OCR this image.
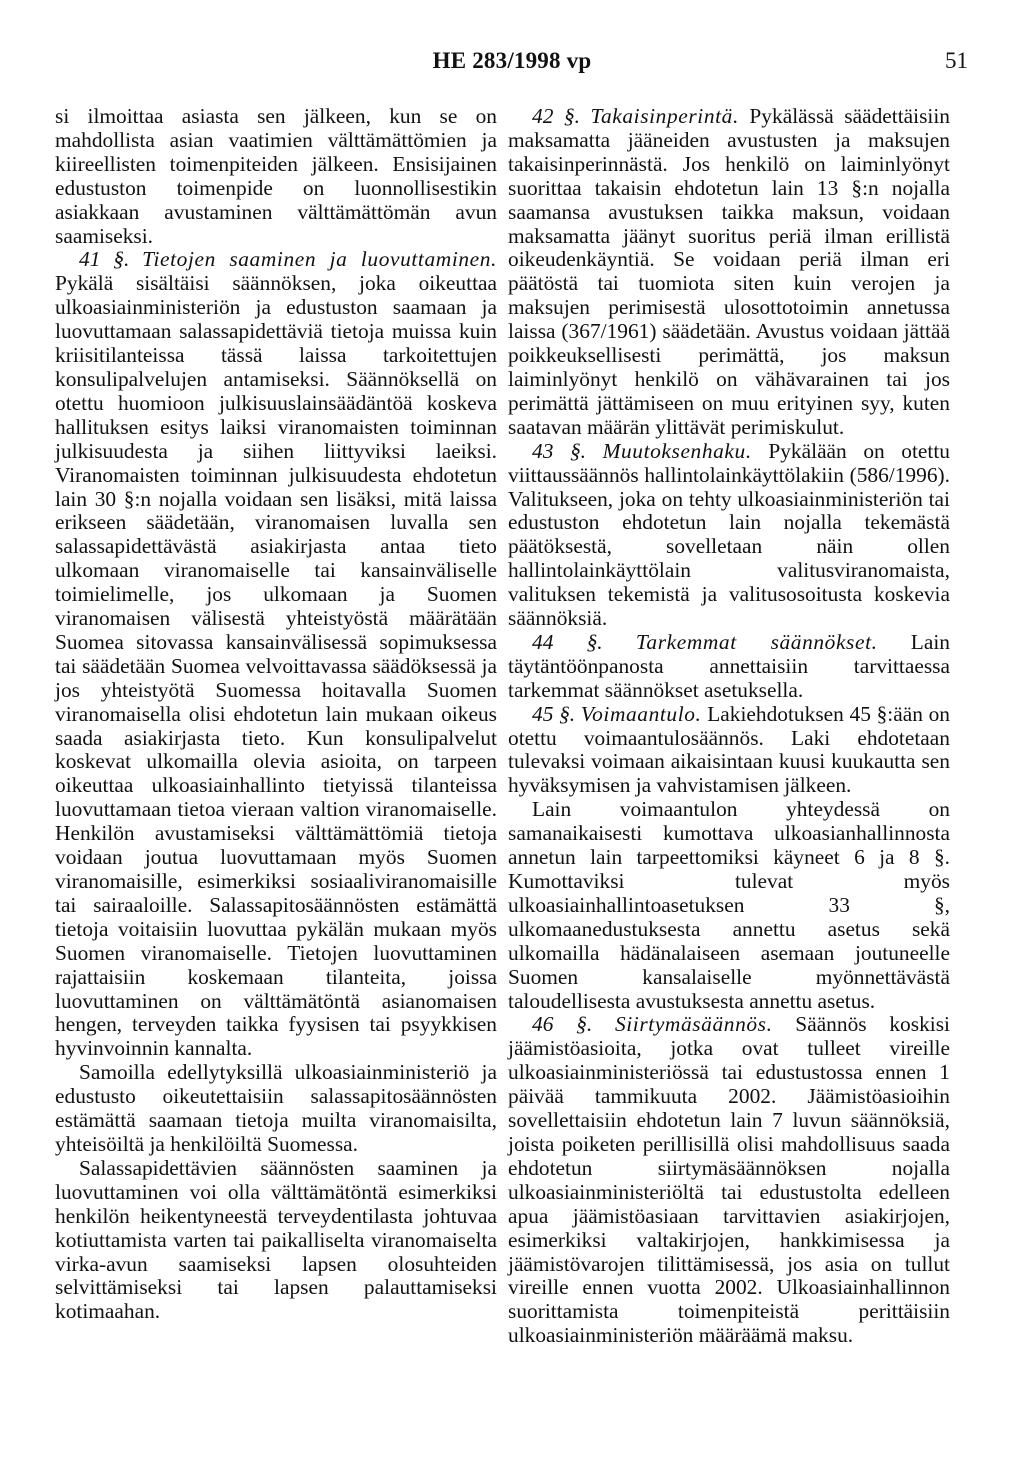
HE 283/1998 vp	51

si ilmoittaa asiasta sen jälkeen, kun se on mahdollista asian vaatimien välttämättömien ja kiireellisten toimenpiteiden jälkeen. Ensisijainen edustuston toimenpide on luonnollisestikin asiakkaan avustaminen välttämättömän avun saamiseksi.

41 §. Tietojen saaminen ja luovuttaminen. Pykälä sisältäisi säännöksen, joka oikeuttaa ulkoasiainministeriön ja edustuston saamaan ja luovuttamaan salassapidettäviä tietoja muissa kuin kriisitilanteissa tässä laissa tarkoitettujen konsulipalvelujen antamiseksi. Säännöksellä on otettu huomioon julkisuuslainsäädäntöä koskeva hallituksen esitys laiksi viranomaisten toiminnan julkisuudesta ja siihen liittyviksi laeiksi. Viranomaisten toiminnan julkisuudesta ehdotetun lain 30 §:n nojalla voidaan sen lisäksi, mitä laissa erikseen säädetään, viranomaisen luvalla sen salassapidettävästä asiakirjasta antaa tieto ulkomaan viranomaiselle tai kansainväliselle toimielimelle, jos ulkomaan ja Suomen viranomaisen välisestä yhteistyöstä määrätään Suomea sitovassa kansainvälisessä sopimuksessa tai säädetään Suomea velvoittavassa säädöksessä ja jos yhteistyötä Suomessa hoitavalla Suomen viranomaisella olisi ehdotetun lain mukaan oikeus saada asiakirjasta tieto. Kun konsulipalvelut koskevat ulkomailla olevia asioita, on tarpeen oikeuttaa ulkoasiainhallinto tietyissä tilanteissa luovuttamaan tietoa vieraan valtion viranomaiselle. Henkilön avustamiseksi välttämättömiä tietoja voidaan joutua luovuttamaan myös Suomen viranomaisille, esimerkiksi sosiaaliviranomaisille tai sairaaloille. Salassapitosäännösten estämättä tietoja voitaisiin luovuttaa pykälän mukaan myös Suomen viranomaiselle. Tietojen luovuttaminen rajattaisiin koskemaan tilanteita, joissa luovuttaminen on välttämätöntä asianomaisen hengen, terveyden taikka fyysisen tai psyykkisen hyvinvoinnin kannalta.

Samoilla edellytyksillä ulkoasiainministeriö ja edustusto oikeutettaisiin salassapitosäännösten estämättä saamaan tietoja muilta viranomaisilta, yhteisöiltä ja henkilöiltä Suomessa.

Salassapidettävien säännösten saaminen ja luovuttaminen voi olla välttämätöntä esimerkiksi henkilön heikentyneestä terveydentilasta johtuvaa kotiuttamista varten tai paikalliselta viranomaiselta virka-avun saamiseksi lapsen olosuhteiden selvittämiseksi tai lapsen palauttamiseksi kotimaahan.

42 §. Takaisinperintä. Pykälässä säädettäisiin maksamatta jääneiden avustusten ja maksujen takaisinperinnästä. Jos henkilö on laiminlyönyt suorittaa takaisin ehdotetun lain 13 §:n nojalla saamansa avustuksen taikka maksun, voidaan maksamatta jäänyt suoritus periä ilman erillistä oikeudenkäyntiä. Se voidaan periä ilman eri päätöstä tai tuomiota siten kuin verojen ja maksujen perimisestä ulosottotoimin annetussa laissa (367/1961) säädetään. Avustus voidaan jättää poikkeuksellisesti perimättä, jos maksun laiminlyönyt henkilö on vähävarainen tai jos perimättä jättämiseen on muu erityinen syy, kuten saatavan määrän ylittävät perimiskulut.

43 §. Muutoksenhaku. Pykälään on otettu viittaussäännös hallintolainkäyttölakiin (586/1996). Valitukseen, joka on tehty ulkoasiainministeriön tai edustuston ehdotetun lain nojalla tekemästä päätöksestä, sovelletaan näin ollen hallintolainkäyttölain valitusviranomaista, valituksen tekemistä ja valitusosoitusta koskevia säännöksiä.

44 §. Tarkemmat säännökset. Lain täytäntöönpanosta annettaisiin tarvittaessa tarkemmat säännökset asetuksella.

45 §. Voimaantulo. Lakiehdotuksen 45 §:ään on otettu voimaantulosäännös. Laki ehdotetaan tulevaksi voimaan aikaisintaan kuusi kuukautta sen hyväksymisen ja vahvistamisen jälkeen.

Lain voimaantulon yhteydessä on samanaikaisesti kumottava ulkoasianhallinnosta annetun lain tarpeettomiksi käyneet 6 ja 8 §. Kumottaviksi tulevat myös ulkoasiainhallintoasetuksen 33 §, ulkomaanedustuksesta annettu asetus sekä ulkomailla hädänalaiseen asemaan joutuneelle Suomen kansalaiselle myönnettävästä taloudellisesta avustuksesta annettu asetus.

46 §. Siirtymäsäännös. Säännös koskisi jäämistöasioita, jotka ovat tulleet vireille ulkoasiainministeriössä tai edustustossa ennen 1 päivää tammikuuta 2002. Jäämistöasioihin sovellettaisiin ehdotetun lain 7 luvun säännöksiä, joista poiketen perillisillä olisi mahdollisuus saada ehdotetun siirtymäsäännöksen nojalla ulkoasiainministeriöltä tai edustustolta edelleen apua jäämistöasiaan tarvittavien asiakirjojen, esimerkiksi valtakirjojen, hankkimisessa ja jäämistövarojen tilittämisessä, jos asia on tullut vireille ennen vuotta 2002. Ulkoasiainhallinnon suorittamista toimenpiteistä perittäisiin ulkoasiainministeriön määräämä maksu.
